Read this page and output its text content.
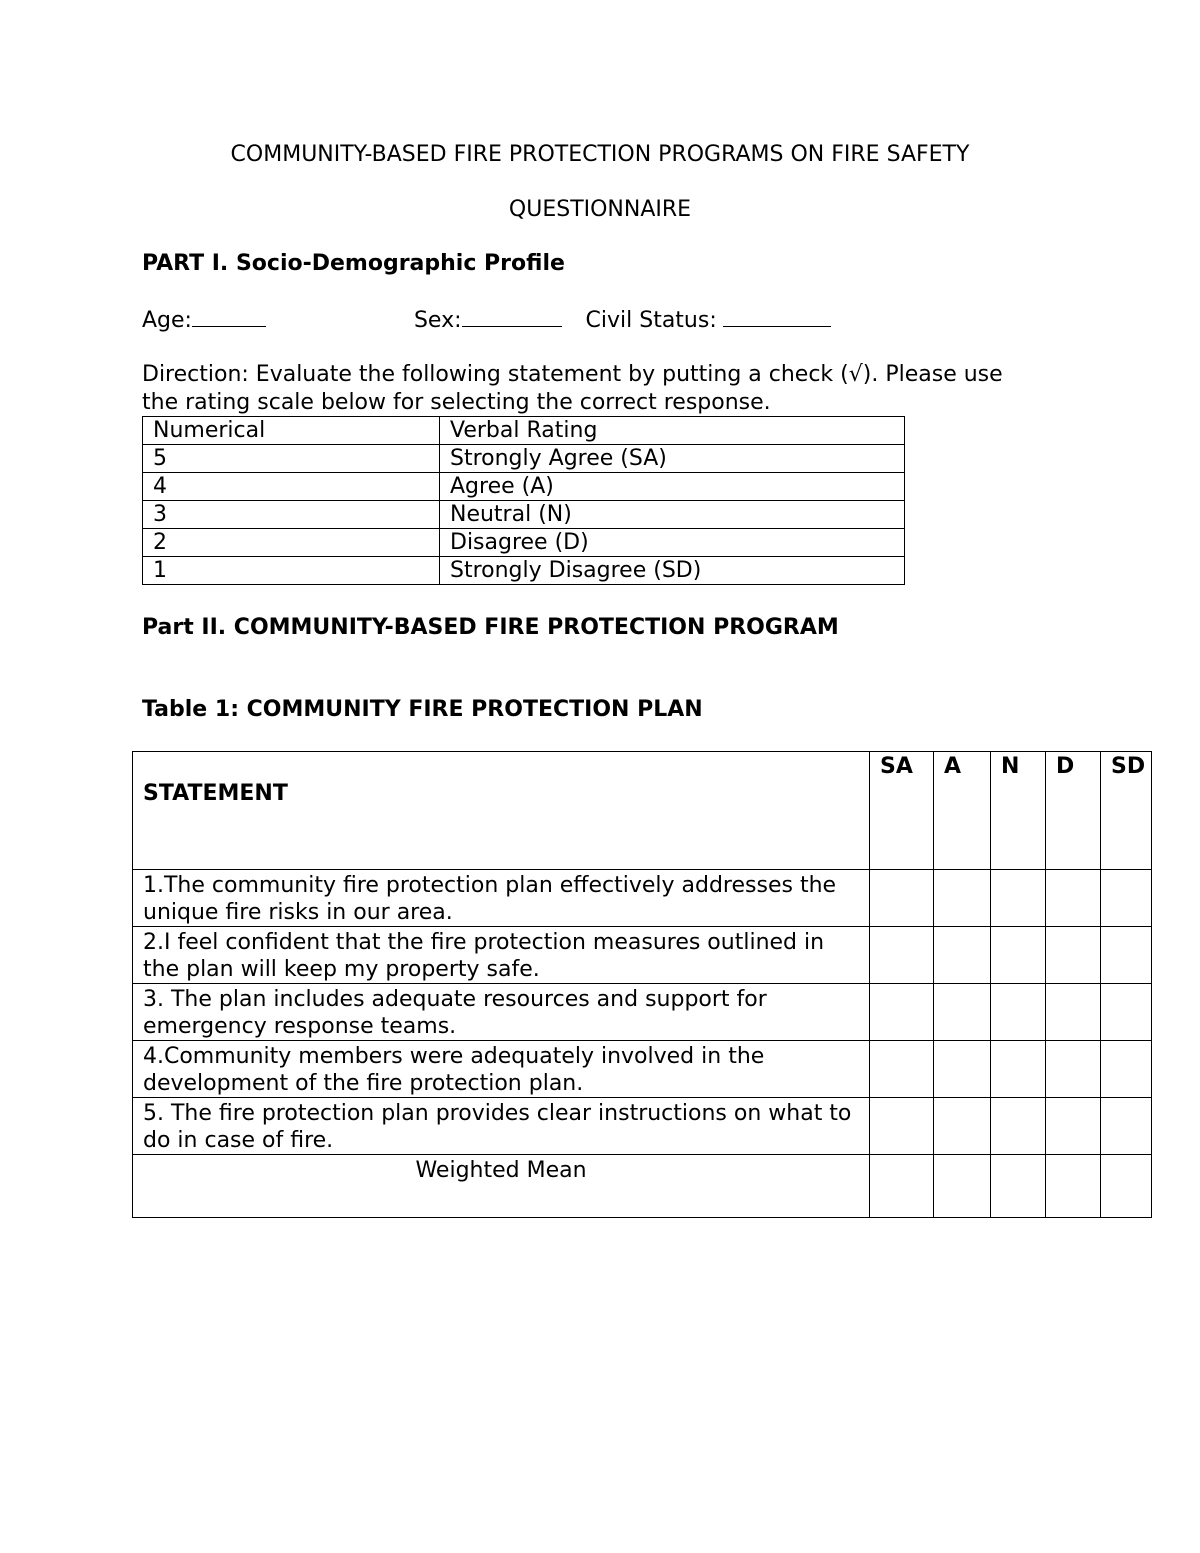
COMMUNITY-BASED FIRE PROTECTION PROGRAMS ON FIRE SAFETY
QUESTIONNAIRE
PART I. Socio-Demographic Profile
Age:	Sex:	Civil Status:
Direction: Evaluate the following statement by putting a check (√). Please use the rating scale below for selecting the correct response.
Numerical	Verbal Rating
5	Strongly Agree (SA)
4	Agree (A)
3	Neutral (N)
2	Disagree (D)
1	Strongly Disagree (SD)
Part II. COMMUNITY-BASED FIRE PROTECTION PROGRAM
Table 1: COMMUNITY FIRE PROTECTION PLAN
STATEMENT	SA	A	N	D	SD
1.The community fire protection plan effectively addresses the unique fire risks in our area.					
2.I feel confident that the fire protection measures outlined in the plan will keep my property safe.					
3. The plan includes adequate resources and support for emergency response teams.					
4.Community members were adequately involved in the development of the fire protection plan.					
5. The fire protection plan provides clear instructions on what to do in case of fire.					
Weighted Mean					
